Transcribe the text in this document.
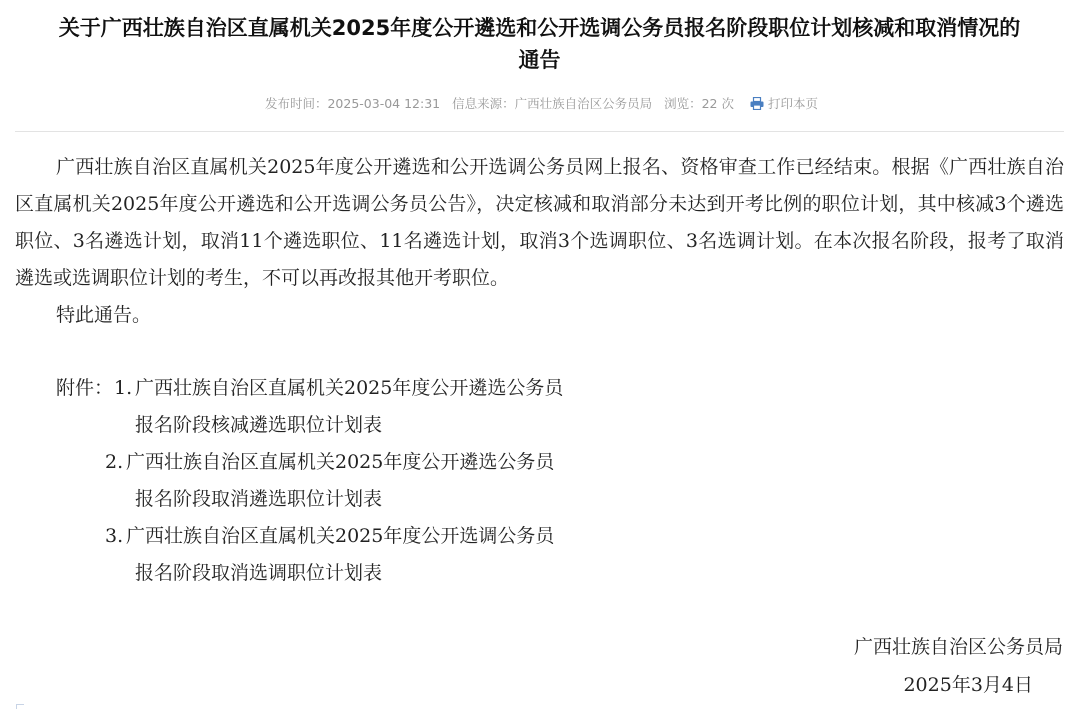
关于广西壮族自治区直属机关2025年度公开遴选和公开选调公务员报名阶段职位计划核减和取消情况的
通告
发布时间：2025-03-04 12:31 信息来源：广西壮族自治区公务员局 浏览：22 次	打印本页

广西壮族自治区直属机关2025年度公开遴选和公开选调公务员网上报名、资格审查工作已经结束。根据《广西壮族自治区直属机关2025年度公开遴选和公开选调公务员公告》，决定核减和取消部分未达到开考比例的职位计划，其中核减3个遴选职位、3名遴选计划，取消11个遴选职位、11名遴选计划，取消3个选调职位、3名选调计划。在本次报名阶段，报考了取消遴选或选调职位计划的考生，不可以再改报其他开考职位。

特此通告。

附件： 1. 广西壮族自治区直属机关2025年度公开遴选公务员
报名阶段核减遴选职位计划表
2. 广西壮族自治区直属机关2025年度公开遴选公务员
报名阶段取消遴选职位计划表
3. 广西壮族自治区直属机关2025年度公开选调公务员
报名阶段取消选调职位计划表
广西壮族自治区公务员局
2025年3月4日
